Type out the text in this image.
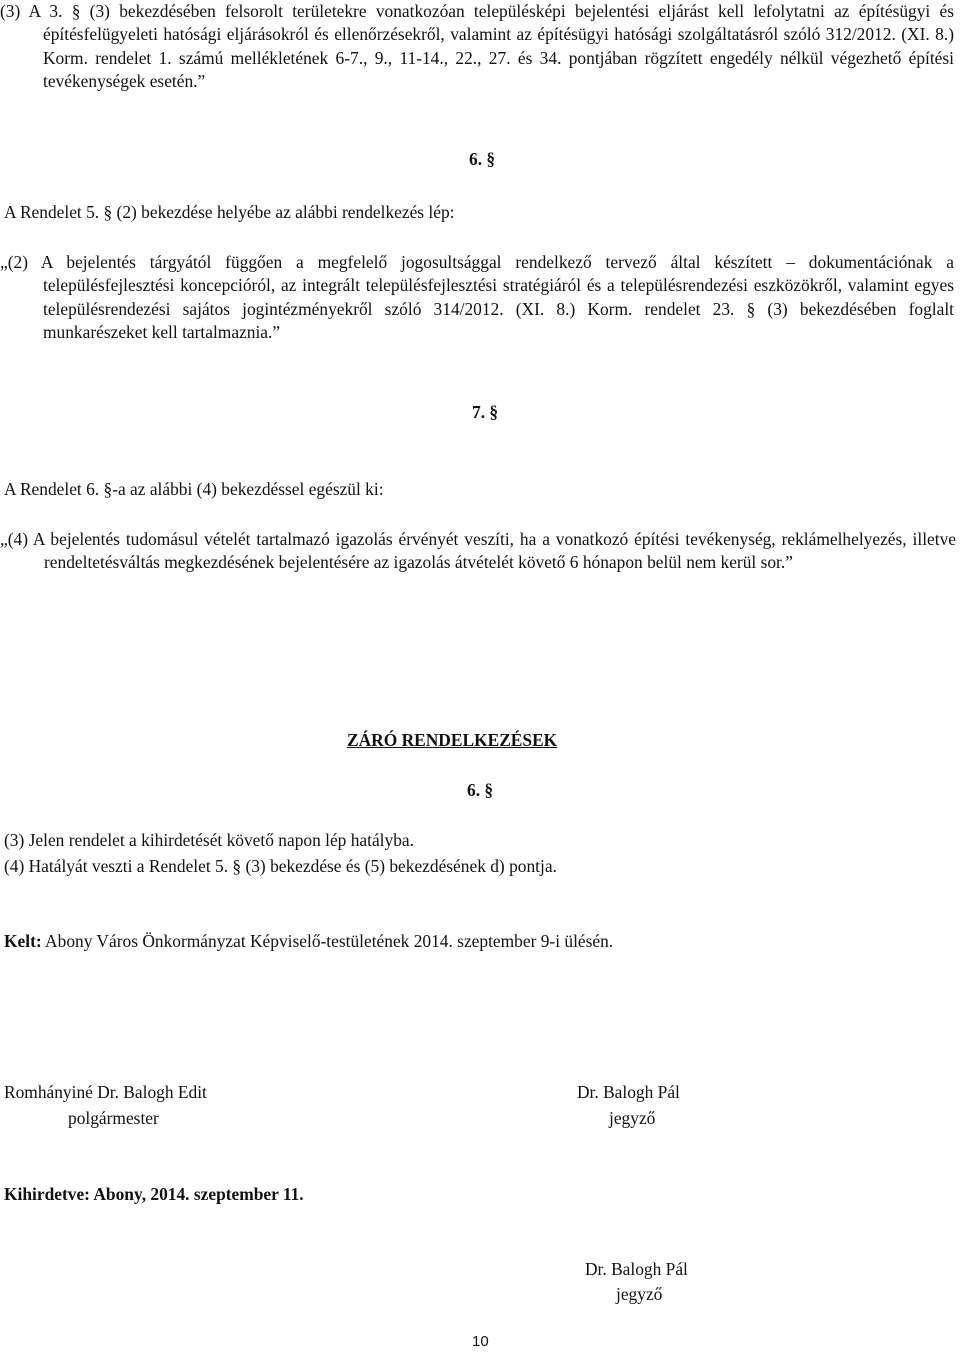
(3) A 3. § (3) bekezdésében felsorolt területekre vonatkozóan településképi bejelentési eljárást kell lefolytatni az építésügyi és építésfelügyeleti hatósági eljárásokról és ellenőrzésekről, valamint az építésügyi hatósági szolgáltatásról szóló 312/2012. (XI. 8.) Korm. rendelet 1. számú mellékletének 6-7., 9., 11-14., 22., 27. és 34. pontjában rögzített engedély nélkül végezhető építési tevékenységek esetén.”

6. §
A Rendelet 5. § (2) bekezdése helyébe az alábbi rendelkezés lép:

„(2) A bejelentés tárgyától függően a megfelelő jogosultsággal rendelkező tervező által készített – dokumentációnak a településfejlesztési koncepcióról, az integrált településfejlesztési stratégiáról és a településrendezési eszközökről, valamint egyes településrendezési sajátos jogintézményekről szóló 314/2012. (XI. 8.) Korm. rendelet 23. § (3) bekezdésében foglalt munkarészeket kell tartalmaznia.”

7. §
A Rendelet 6. §-a az alábbi (4) bekezdéssel egészül ki:

„(4) A bejelentés tudomásul vételét tartalmazó igazolás érvényét veszíti, ha a vonatkozó építési tevékenység, reklámelhelyezés, illetve rendeltetésváltás megkezdésének bejelentésére az igazolás átvételét követő 6 hónapon belül nem kerül sor.”

ZÁRÓ RENDELKEZÉSEK
6. §
(3) Jelen rendelet a kihirdetését követő napon lép hatályba.
(4) Hatályát veszti a Rendelet 5. § (3) bekezdése és (5) bekezdésének d) pontja.
Kelt: Abony Város Önkormányzat Képviselő-testületének 2014. szeptember 9-i ülésén.
Romhányiné Dr. Balogh Edit
polgármester
Dr. Balogh Pál
jegyző
Kihirdetve: Abony, 2014. szeptember 11.
Dr. Balogh Pál
jegyző
10
